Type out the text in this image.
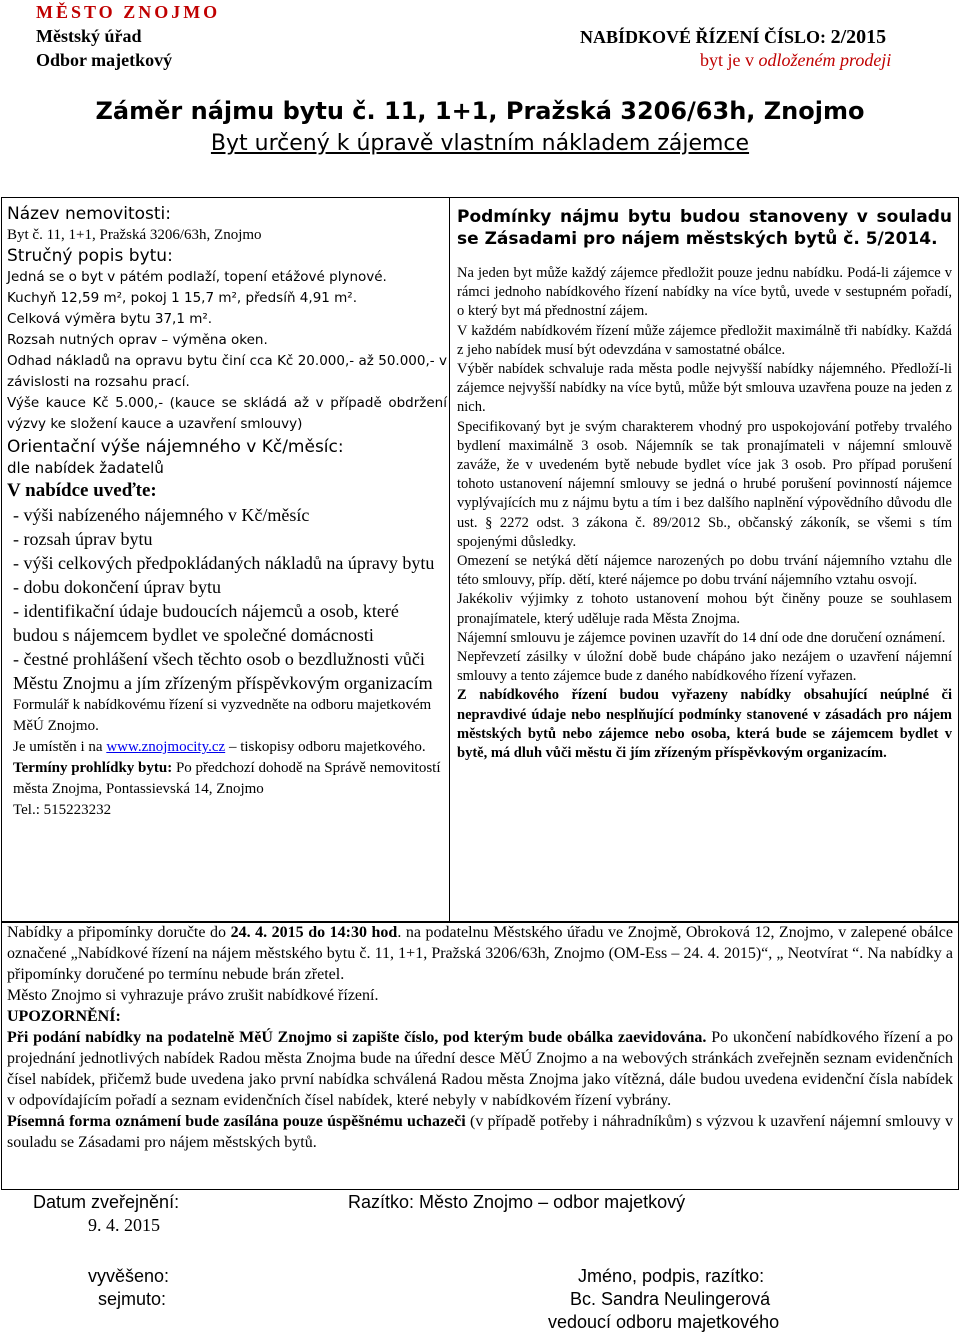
MĚSTO ZNOJMO
Městský úřad
Odbor majetkový
NABÍDKOVÉ ŘÍZENÍ ČÍSLO: 2/2015
byt je v odloženém prodeji
Záměr nájmu bytu č. 11, 1+1, Pražská 3206/63h, Znojmo
Byt určený k úpravě vlastním nákladem zájemce
Název nemovitosti:
Byt č. 11, 1+1, Pražská 3206/63h, Znojmo
Stručný popis bytu:
Jedná se o byt v pátém podlaží, topení etážové plynové.
Kuchyň 12,59 m², pokoj 1 15,7 m², předsíň 4,91 m².
Celková výměra bytu 37,1 m².
Rozsah nutných oprav – výměna oken.
Odhad nákladů na opravu bytu činí cca Kč 20.000,- až 50.000,- v závislosti na rozsahu prací.
Výše kauce Kč 5.000,- (kauce se skládá až v případě obdržení výzvy ke složení kauce a uzavření smlouvy)
Orientační výše nájemného v Kč/měsíc:
dle nabídek žadatelů
V nabídce uveďte:
- výši nabízeného nájemného v Kč/měsíc
- rozsah úprav bytu
- výši celkových předpokládaných nákladů na úpravy bytu
- dobu dokončení úprav bytu
- identifikační údaje budoucích nájemců a osob, které budou s nájemcem bydlet ve společné domácnosti
- čestné prohlášení všech těchto osob o bezdlužnosti vůči Městu Znojmu a jím zřízeným příspěvkovým organizacím
Formulář k nabídkovému řízení si vyzvedněte na odboru majetkovém MěÚ Znojmo.
Je umístěn i na www.znojmocity.cz – tiskopisy odboru majetkového.
Termíny prohlídky bytu: Po předchozí dohodě na Správě nemovitostí města Znojma, Pontassievská 14, Znojmo
Tel.: 515223232
Podmínky nájmu bytu budou stanoveny v souladu se Zásadami pro nájem městských bytů č. 5/2014.
Na jeden byt může každý zájemce předložit pouze jednu nabídku. Podá-li zájemce v rámci jednoho nabídkového řízení nabídky na více bytů, uvede v sestupném pořadí, o který byt má přednostní zájem.
V každém nabídkovém řízení může zájemce předložit maximálně tři nabídky. Každá z jeho nabídek musí být odevzdána v samostatné obálce.
Výběr nabídek schvaluje rada města podle nejvyšší nabídky nájemného. Předloží-li zájemce nejvyšší nabídky na více bytů, může být smlouva uzavřena pouze na jeden z nich.
Specifikovaný byt je svým charakterem vhodný pro uspokojování potřeby trvalého bydlení maximálně 3 osob. Nájemník se tak pronajímateli v nájemní smlouvě zaváže, že v uvedeném bytě nebude bydlet více jak 3 osob. Pro případ porušení tohoto ustanovení nájemní smlouvy se jedná o hrubé porušení povinností nájemce vyplývajících mu z nájmu bytu a tím i bez dalšího naplnění výpovědního důvodu dle ust. § 2272 odst. 3 zákona č. 89/2012 Sb., občanský zákoník, se všemi s tím spojenými důsledky.
Omezení se netýká dětí nájemce narozených po dobu trvání nájemního vztahu dle této smlouvy, příp. dětí, které nájemce po dobu trvání nájemního vztahu osvojí.
Jakékoliv výjimky z tohoto ustanovení mohou být činěny pouze se souhlasem pronajímatele, který uděluje rada Města Znojma.
Nájemní smlouvu je zájemce povinen uzavřít do 14 dní ode dne doručení oznámení.
Nepřevzetí zásilky v úložní době bude chápáno jako nezájem o uzavření nájemní smlouvy a tento zájemce bude z daného nabídkového řízení vyřazen.
Z nabídkového řízení budou vyřazeny nabídky obsahující neúplné či nepravdivé údaje nebo nesplňující podmínky stanovené v zásadách pro nájem městských bytů nebo zájemce nebo osoba, která bude se zájemcem bydlet v bytě, má dluh vůči městu či jím zřízeným příspěvkovým organizacím.

Nabídky a připomínky doručte do 24. 4. 2015 do 14:30 hod. na podatelnu Městského úřadu ve Znojmě, Obroková 12, Znojmo, v zalepené obálce označené „Nabídkové řízení na nájem městského bytu č. 11, 1+1, Pražská 3206/63h, Znojmo (OM-Ess – 24. 4. 2015)“, „ Neotvírat “. Na nabídky a připomínky doručené po termínu nebude brán zřetel.

Město Znojmo si vyhrazuje právo zrušit nabídkové řízení.

UPOZORNĚNÍ:

Při podání nabídky na podatelně MěÚ Znojmo si zapište číslo, pod kterým bude obálka zaevidována. Po ukončení nabídkového řízení a po projednání jednotlivých nabídek Radou města Znojma bude na úřední desce MěÚ Znojmo a na webových stránkách zveřejněn seznam evidenčních čísel nabídek, přičemž bude uvedena jako první nabídka schválená Radou města Znojma jako vítězná, dále budou uvedena evidenční čísla nabídek v odpovídajícím pořadí a seznam evidenčních čísel nabídek, které nebyly v nabídkovém řízení vybrány.

Písemná forma oznámení bude zasílána pouze úspěšnému uchazeči (v případě potřeby i náhradníkům) s výzvou k uzavření nájemní smlouvy v souladu se Zásadami pro nájem městských bytů.

Datum zveřejnění:
9. 4. 2015
Razítko: Město Znojmo – odbor majetkový
vyvěšeno:
sejmuto:
Jméno, podpis, razítko:
Bc. Sandra Neulingerová
vedoucí odboru majetkového
